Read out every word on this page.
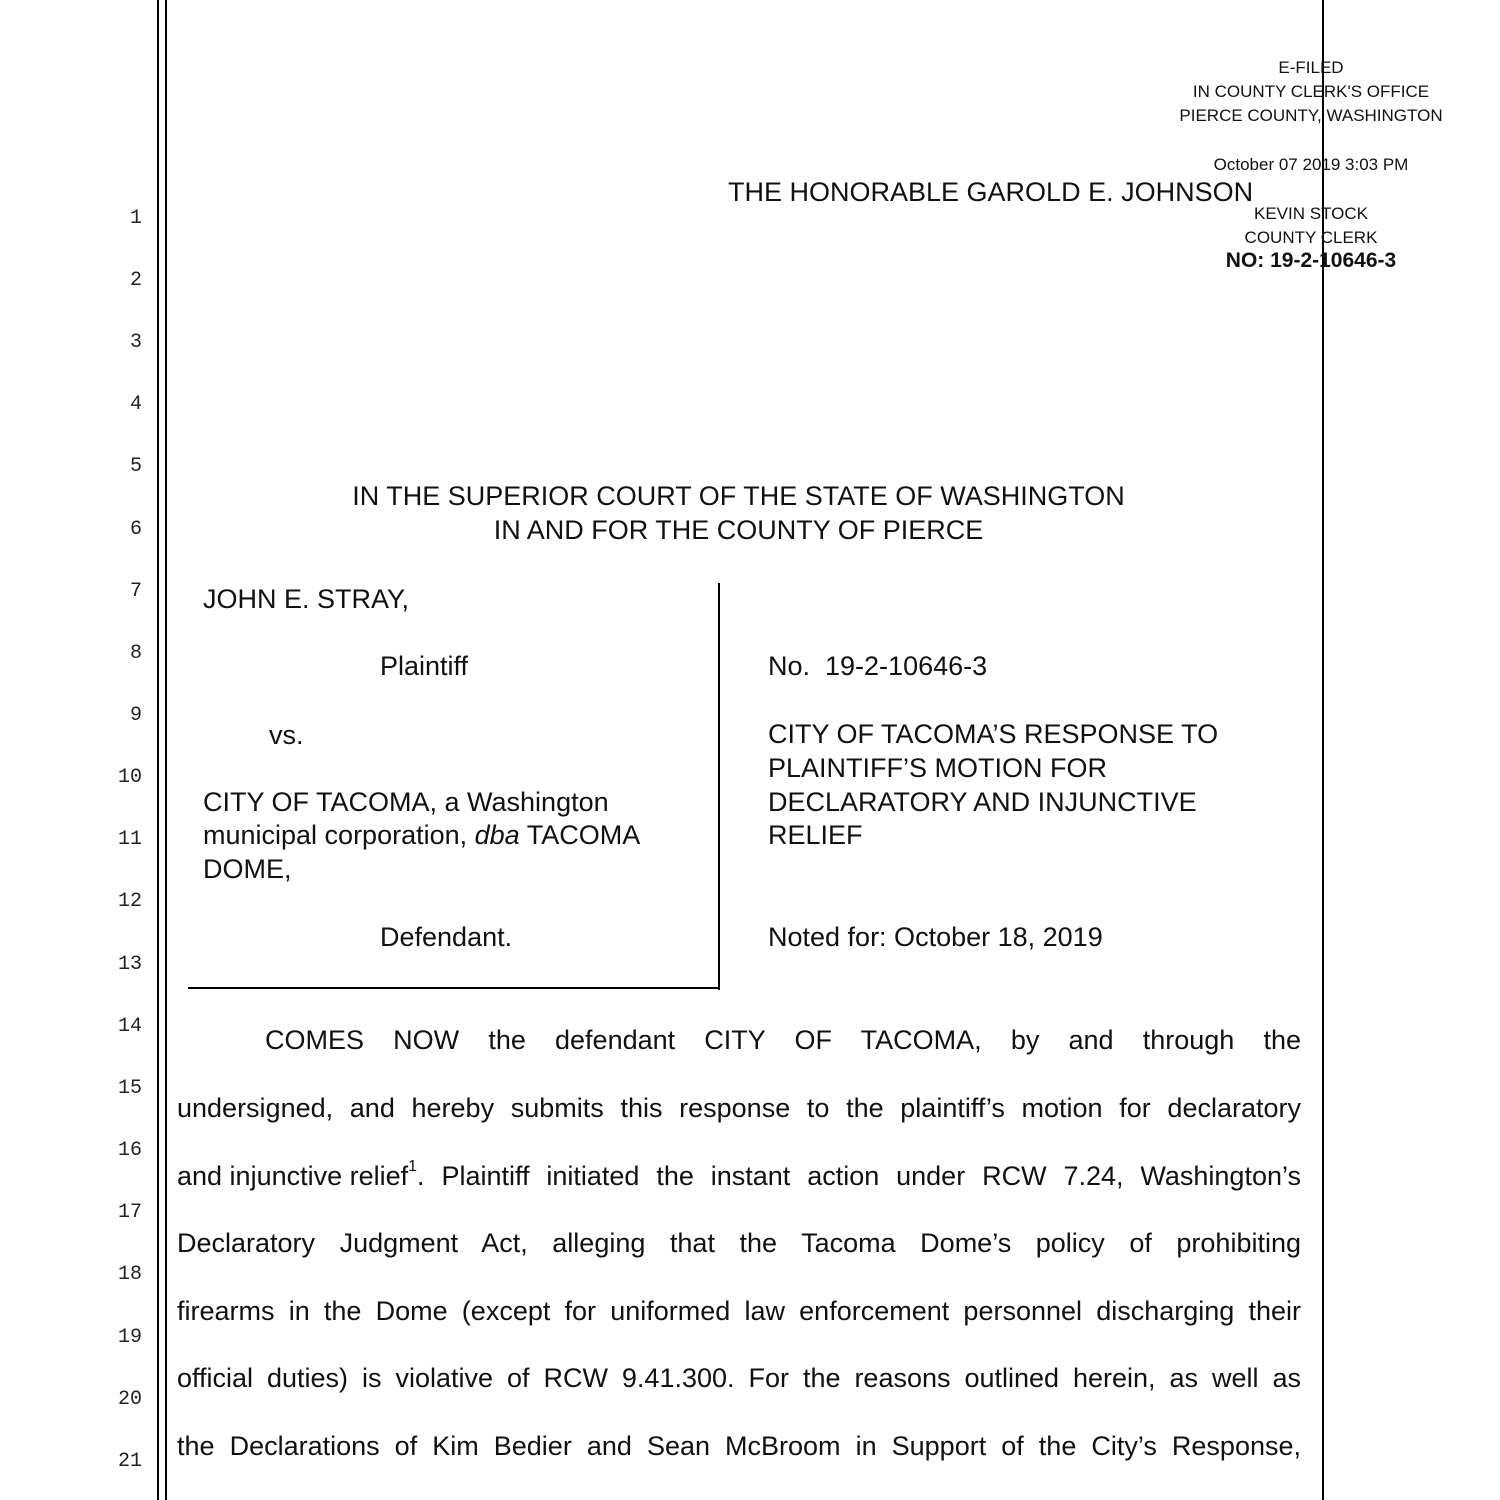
1
2
3
4
5
6
7
8
9
10
11
12
13
14
15
16
17
18
19
20
21
E-FILED
IN COUNTY CLERK'S OFFICE
PIERCE COUNTY, WASHINGTON
October 07 2019 3:03 PM
KEVIN STOCK
COUNTY CLERK
NO: 19-2-10646-3
THE HONORABLE GAROLD E. JOHNSON
IN THE SUPERIOR COURT OF THE STATE OF WASHINGTON
IN AND FOR THE COUNTY OF PIERCE
JOHN E. STRAY,
Plaintiff
vs.
CITY OF TACOMA, a Washington
municipal corporation, dba TACOMA
DOME,
Defendant.
No.  19-2-10646-3
CITY OF TACOMA’S RESPONSE TO
PLAINTIFF’S MOTION FOR
DECLARATORY AND INJUNCTIVE
RELIEF
Noted for: October 18, 2019
COMES NOW the defendant CITY OF TACOMA, by and through the
undersigned, and hereby submits this response to the plaintiff’s motion for declaratory
and injunctive relief 1 . Plaintiff initiated the instant action under RCW 7.24, Washington’s
Declaratory Judgment Act, alleging that the Tacoma Dome’s policy of prohibiting
firearms in the Dome (except for uniformed law enforcement personnel discharging their
official duties) is violative of RCW 9.41.300. For the reasons outlined herein, as well as
the Declarations of Kim Bedier and Sean McBroom in Support of the City’s Response,
